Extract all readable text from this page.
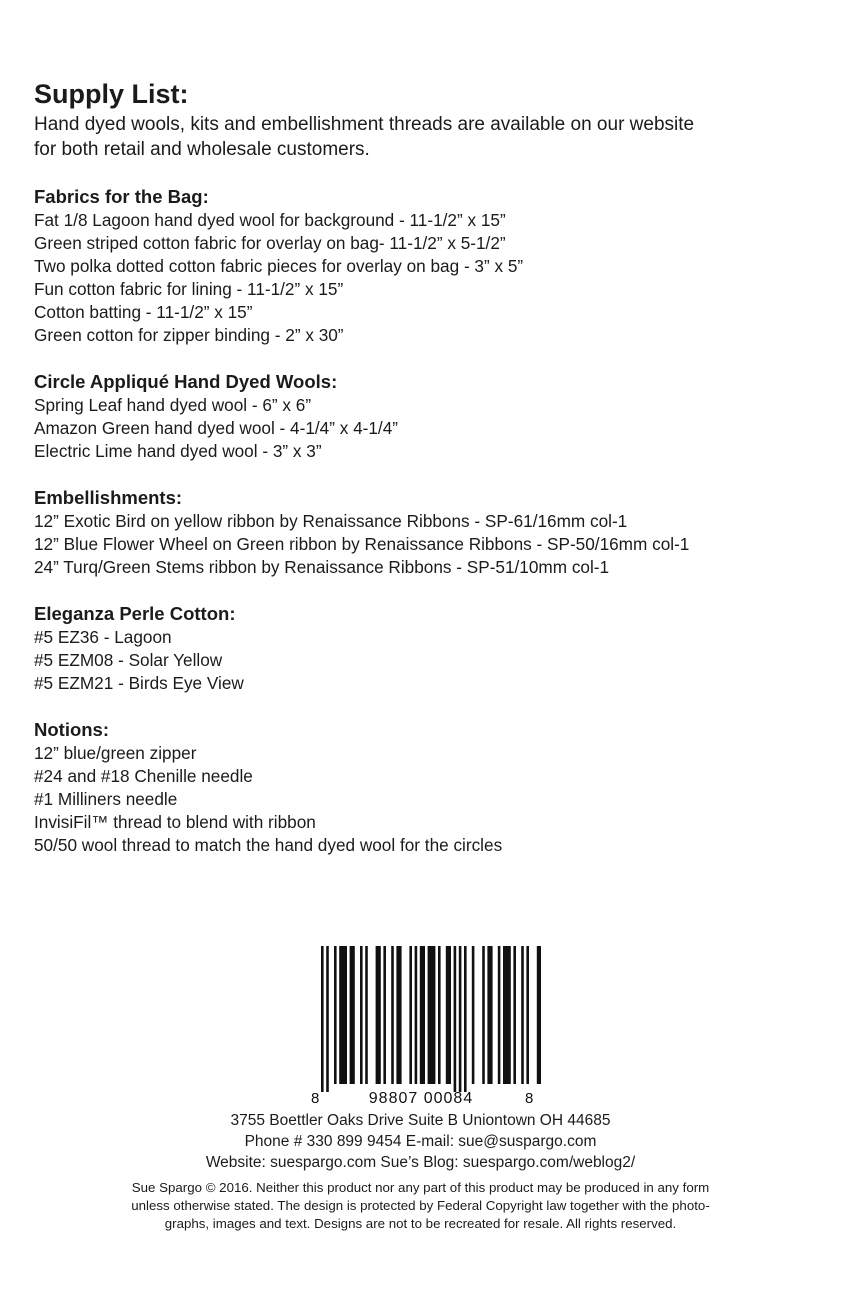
Supply List:
Hand dyed wools, kits and embellishment threads are available on our website
for both retail and wholesale customers.
Fabrics for the Bag:
Fat 1/8 Lagoon hand dyed wool for background - 11-1/2” x 15”
Green striped cotton fabric for overlay on bag- 11-1/2” x 5-1/2”
Two polka dotted cotton fabric pieces for overlay on bag - 3” x 5”
Fun cotton fabric for lining - 11-1/2” x 15”
Cotton batting - 11-1/2” x 15”
Green cotton for zipper binding - 2” x 30”
Circle Appliqué Hand Dyed Wools:
Spring Leaf hand dyed wool - 6” x 6”
Amazon Green hand dyed wool - 4-1/4” x 4-1/4”
Electric Lime hand dyed wool - 3” x 3”
Embellishments:
12” Exotic Bird on yellow ribbon by Renaissance Ribbons - SP-61/16mm col-1
12” Blue Flower Wheel on Green ribbon by Renaissance Ribbons - SP-50/16mm col-1
24” Turq/Green Stems ribbon by Renaissance Ribbons - SP-51/10mm col-1
Eleganza Perle Cotton:
#5 EZ36 - Lagoon
#5 EZM08 - Solar Yellow
#5 EZM21 - Birds Eye View
Notions:
12” blue/green zipper
#24 and #18 Chenille needle
#1 Milliners needle
InvisiFil™ thread to blend with ribbon
50/50 wool thread to match the hand dyed wool for the circles
8	98807 00084	8
3755 Boettler Oaks Drive Suite B Uniontown OH 44685
Phone # 330 899 9454 E-mail: sue@suspargo.com
Website: suespargo.com Sue’s Blog: suespargo.com/weblog2/
Sue Spargo © 2016. Neither this product nor any part of this product may be produced in any form
unless otherwise stated. The design is protected by Federal Copyright law together with the photo-
graphs, images and text. Designs are not to be recreated for resale. All rights reserved.
